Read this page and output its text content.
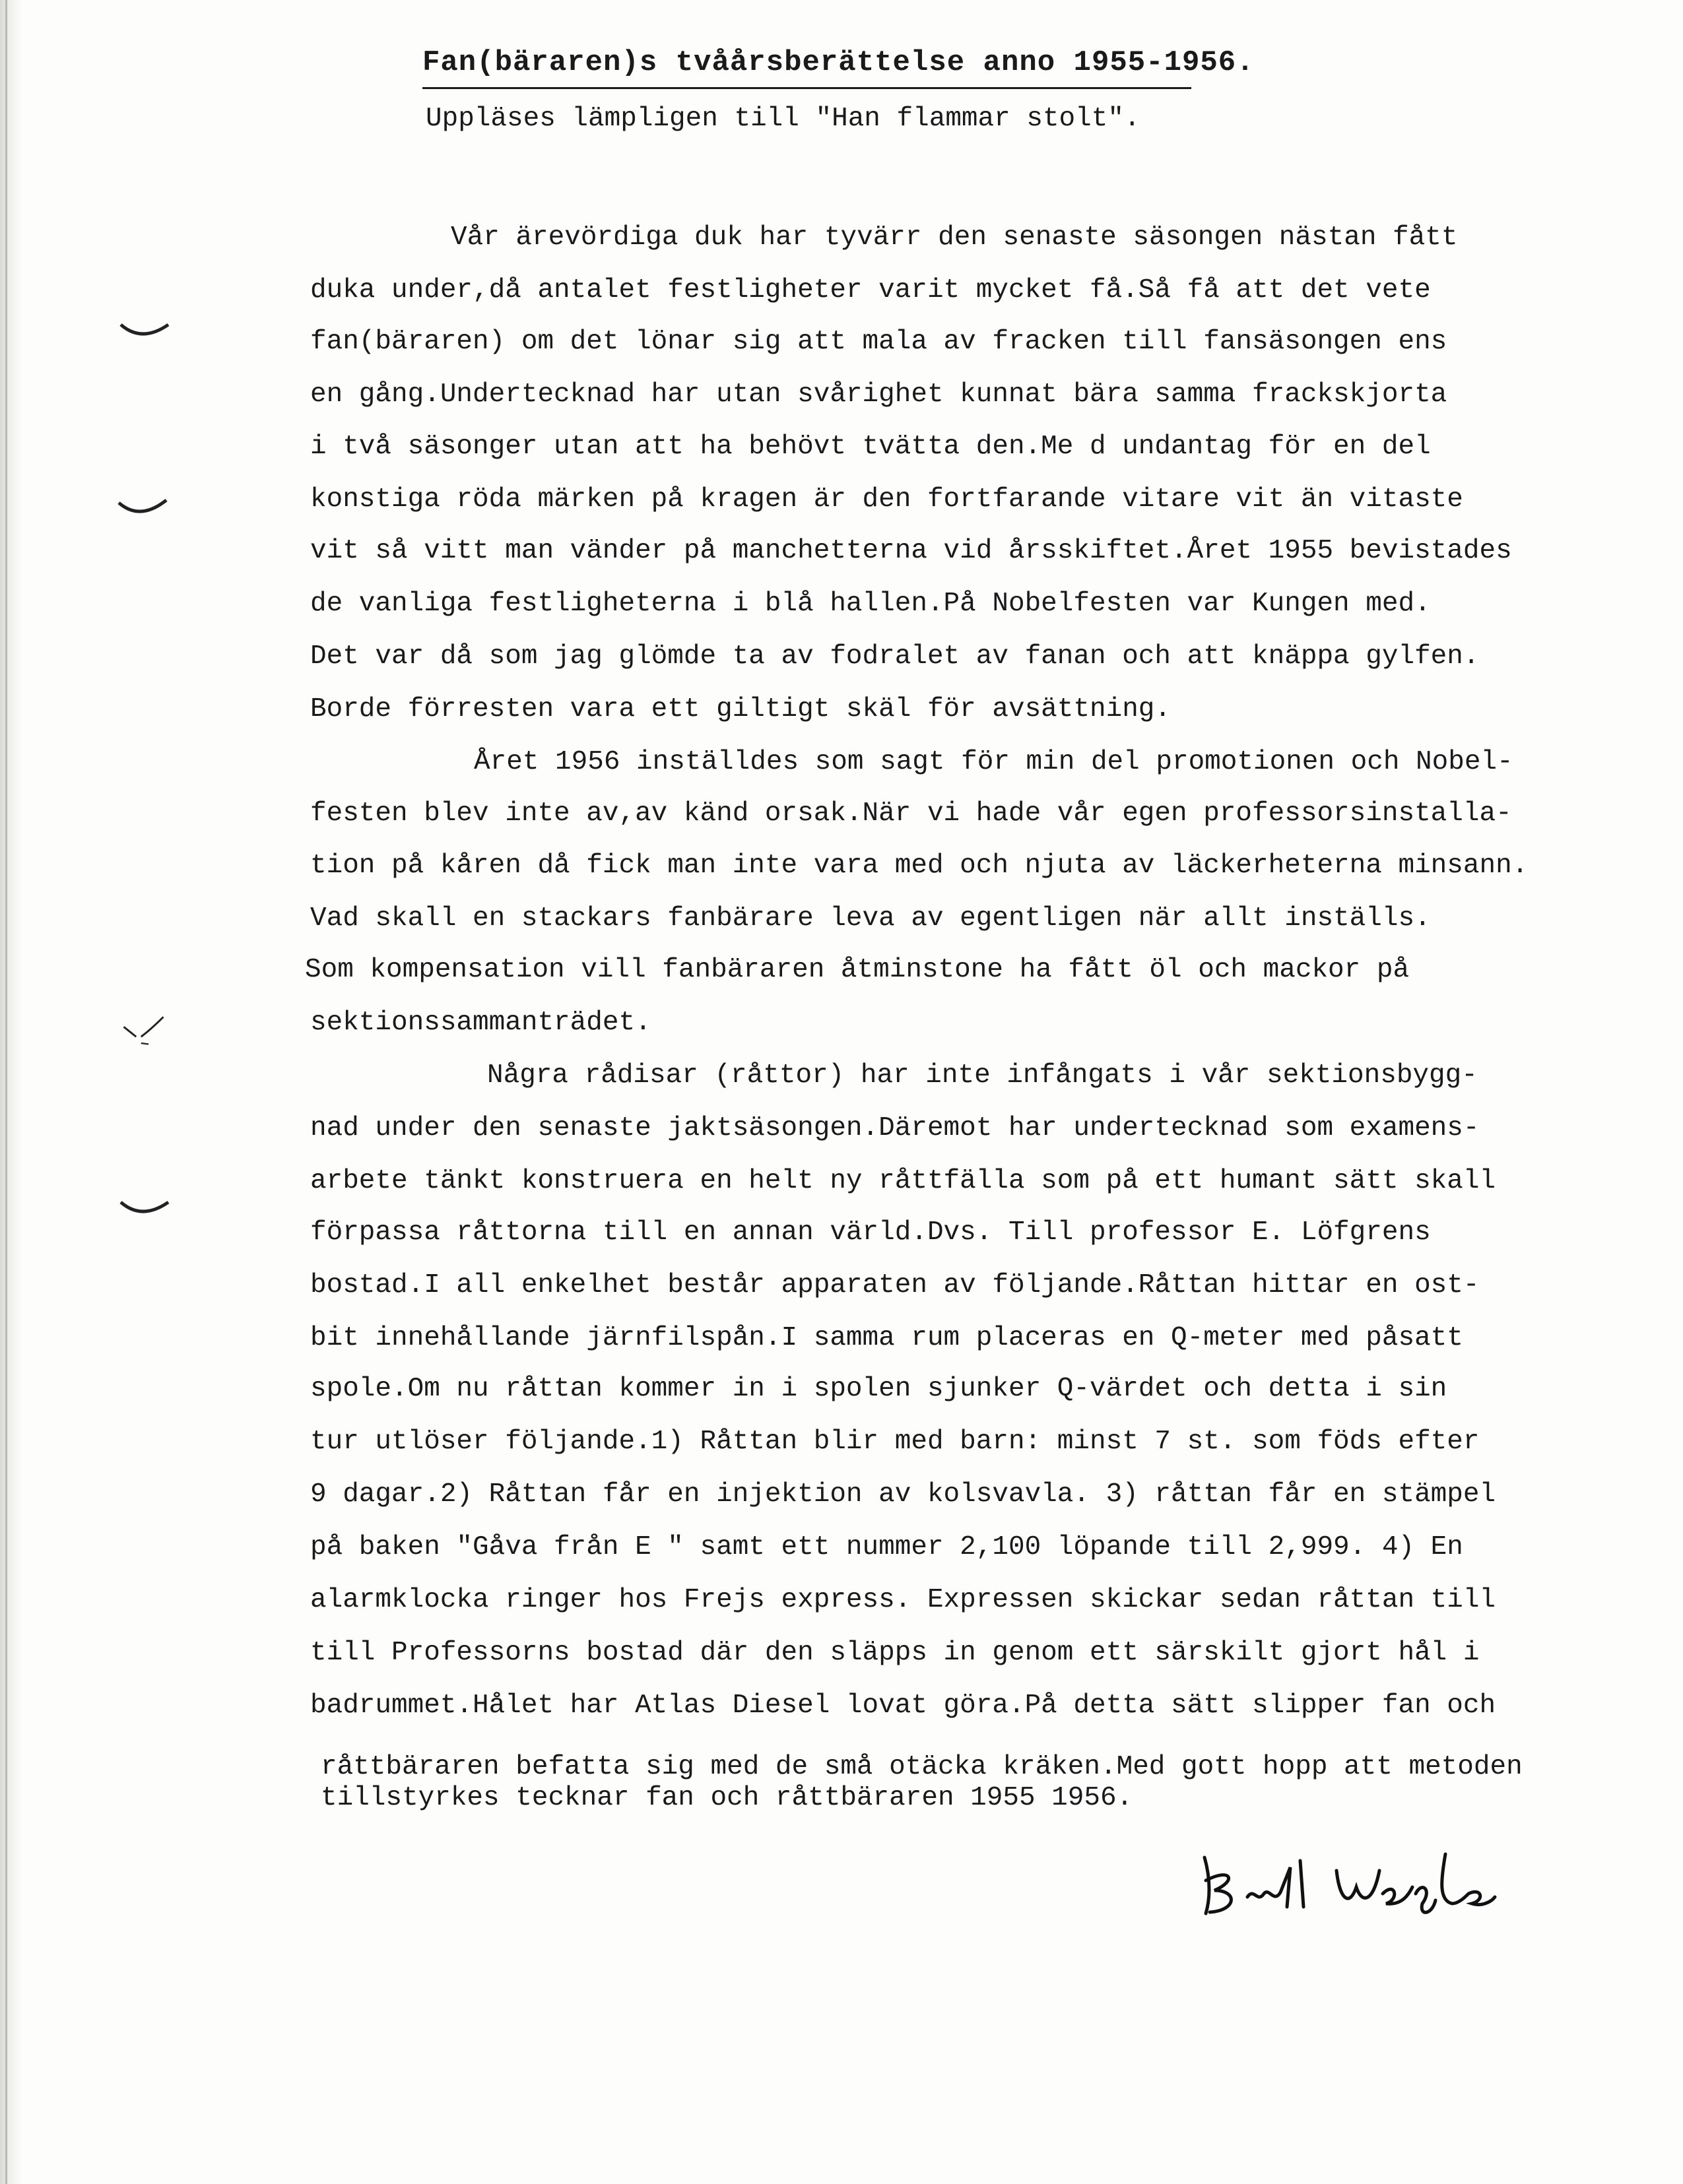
Fan(bäraren)s tvåårsberättelse anno 1955-1956.
Uppläses lämpligen till "Han flammar stolt".
Vår ärevördiga duk har tyvärr den senaste säsongen nästan fått
duka under,då antalet festligheter varit mycket få.Så få att det vete
fan(bäraren) om det lönar sig att mala av fracken till fansäsongen ens
en gång.Undertecknad har utan svårighet kunnat bära samma frackskjorta
i två säsonger utan att ha behövt tvätta den.Me d undantag för en del
konstiga röda märken på kragen är den fortfarande vitare vit än vitaste
vit så vitt man vänder på manchetterna vid årsskiftet.Året 1955 bevistades
de vanliga festligheterna i blå hallen.På Nobelfesten var Kungen med.
Det var då som jag glömde ta av fodralet av fanan och att knäppa gylfen.
Borde förresten vara ett giltigt skäl för avsättning.
Året 1956 inställdes som sagt för min del promotionen och Nobel-
festen blev inte av,av känd orsak.När vi hade vår egen professorsinstalla-
tion på kåren då fick man inte vara med och njuta av läckerheterna minsann.
Vad skall en stackars fanbärare leva av egentligen när allt inställs.
Som kompensation vill fanbäraren åtminstone ha fått öl och mackor på
sektionssammanträdet.
Några rådisar (råttor) har inte infångats i vår sektionsbygg-
nad under den senaste jaktsäsongen.Däremot har undertecknad som examens-
arbete tänkt konstruera en helt ny råttfälla som på ett humant sätt skall
förpassa råttorna till en annan värld.Dvs. Till professor E. Löfgrens
bostad.I all enkelhet består apparaten av följande.Råttan hittar en ost-
bit innehållande järnfilspån.I samma rum placeras en Q-meter med påsatt
spole.Om nu råttan kommer in i spolen sjunker Q-värdet och detta i sin
tur utlöser följande.1) Råttan blir med barn: minst 7 st. som föds efter
9 dagar.2) Råttan får en injektion av kolsvavla. 3) råttan får en stämpel
på baken "Gåva från E " samt ett nummer 2,100 löpande till 2,999. 4) En
alarmklocka ringer hos Frejs express. Expressen skickar sedan råttan till
till Professorns bostad där den släpps in genom ett särskilt gjort hål i
badrummet.Hålet har Atlas Diesel lovat göra.På detta sätt slipper fan och
råttbäraren befatta sig med de små otäcka kräken.Med gott hopp att metoden
tillstyrkes tecknar fan och råttbäraren 1955 1956.
